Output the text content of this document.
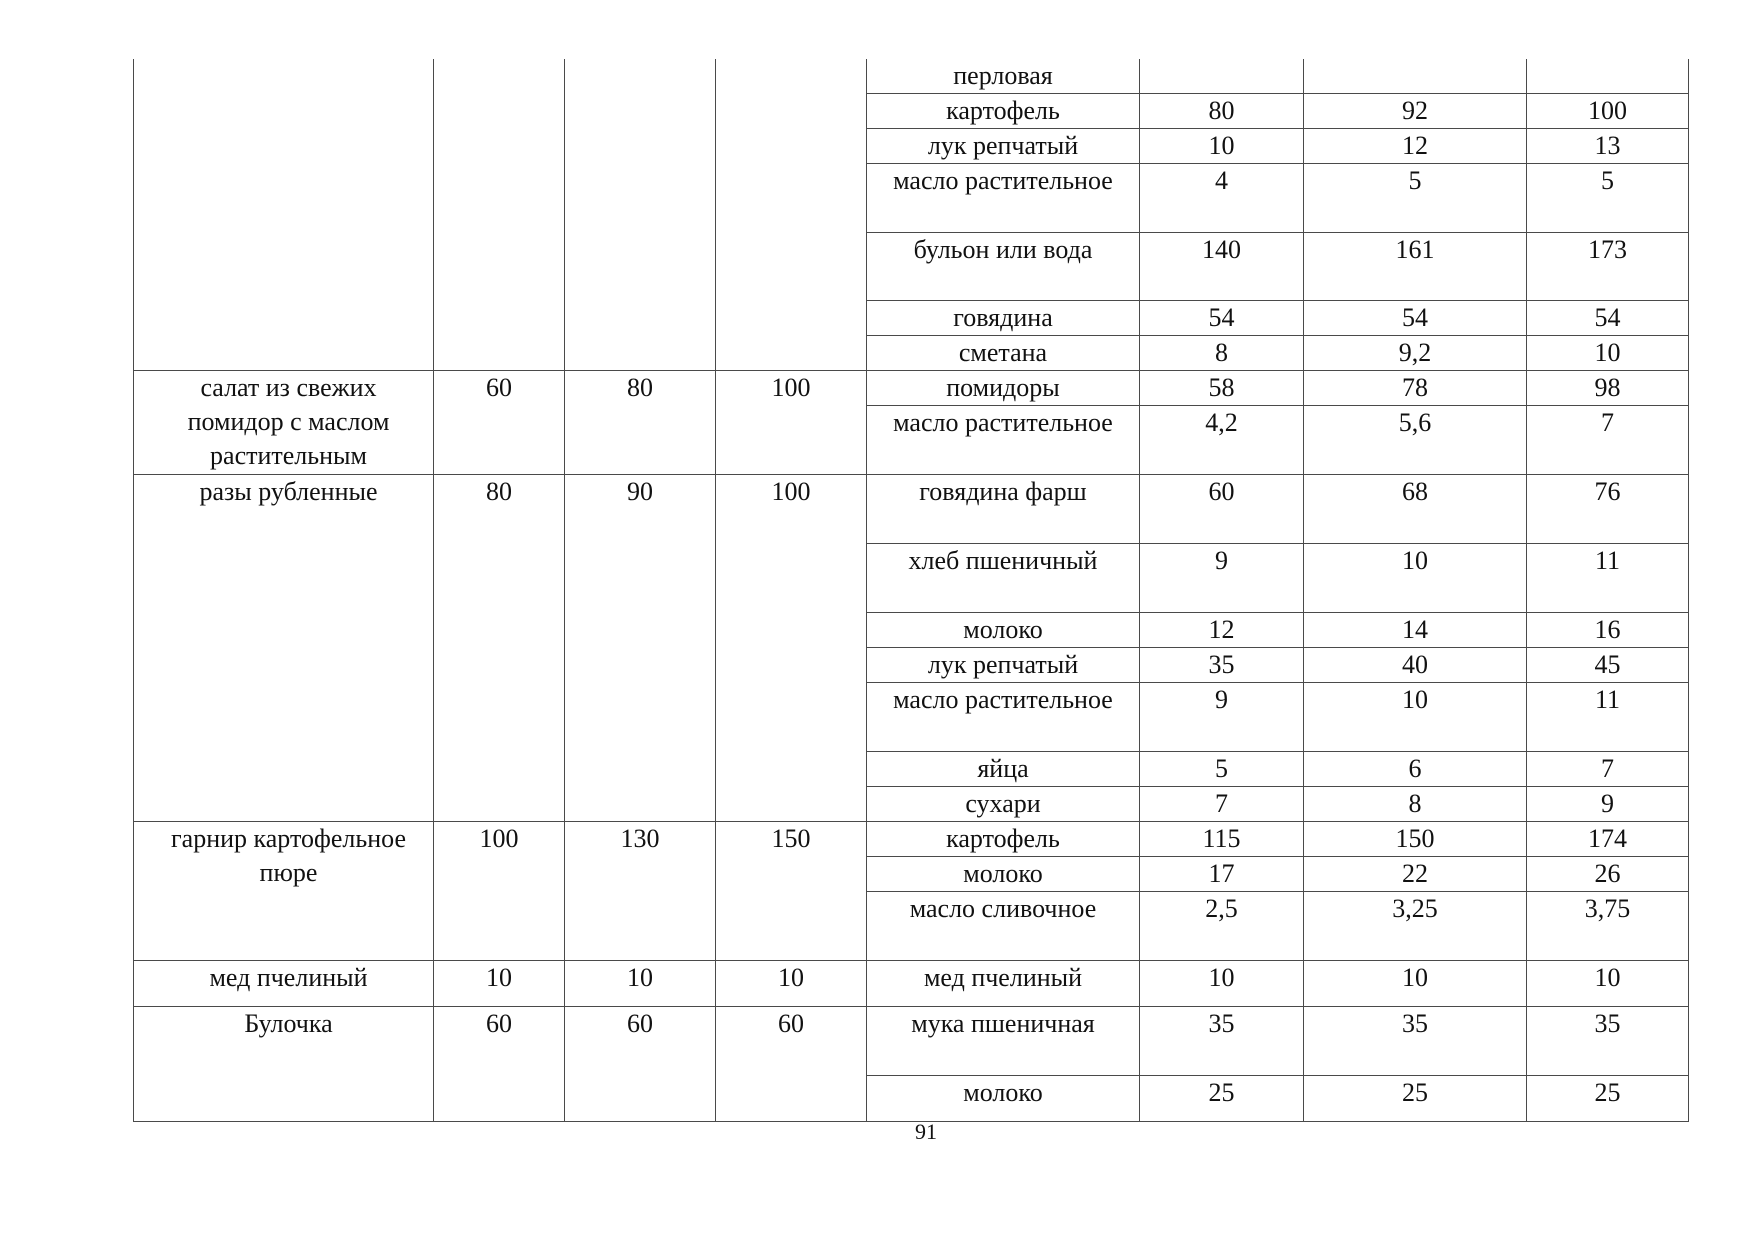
				перловая			

				картофель	80	92	100

				лук репчатый	10	12	13

				масло растительное	4	5	5

				бульон или вода	140	161	173

				говядина	54	54	54

				сметана	8	9,2	10

салат из свежих помидор с маслом растительным	60	80	100	помидоры	58	78	98

				масло растительное	4,2	5,6	7

разы рубленные	80	90	100	говядина фарш	60	68	76

				хлеб пшеничный	9	10	11

				молоко	12	14	16

				лук репчатый	35	40	45

				масло растительное	9	10	11

				яйца	5	6	7

				сухари	7	8	9

гарнир картофельное пюре	100	130	150	картофель	115	150	174

				молоко	17	22	26

				масло сливочное	2,5	3,25	3,75

мед пчелиный	10	10	10	мед пчелиный	10	10	10

Булочка	60	60	60	мука пшеничная	35	35	35

				молоко	25	25	25
91
